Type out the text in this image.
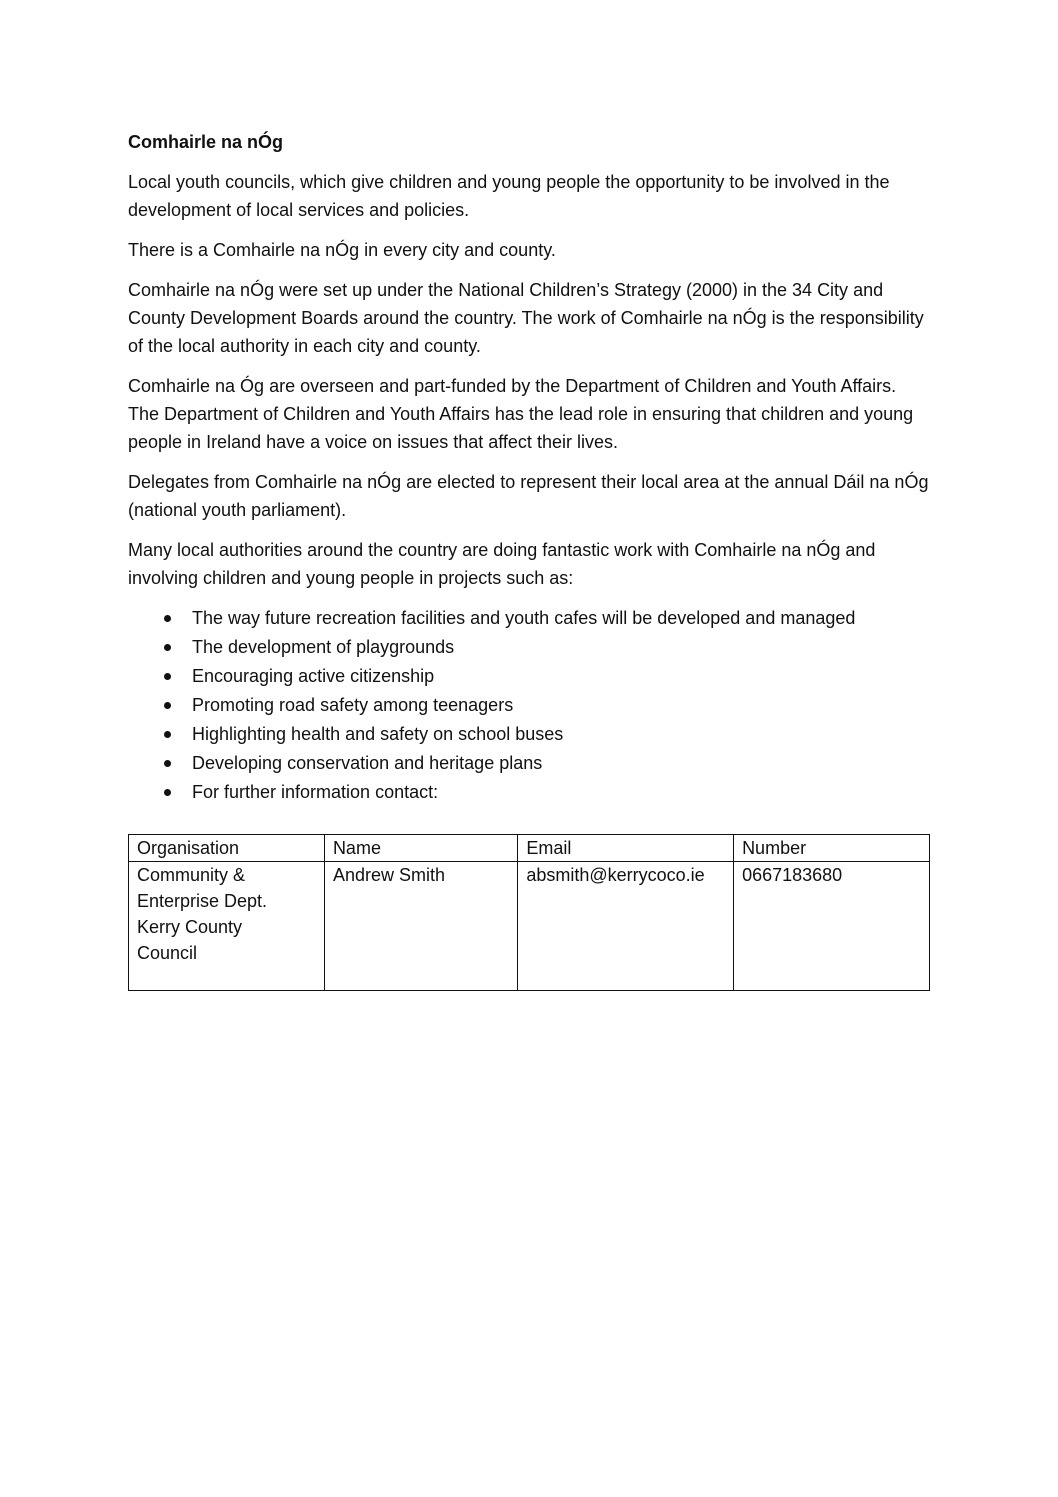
Comhairle na nÓg

Local youth councils, which give children and young people the opportunity to be involved in the development of local services and policies.

There is a Comhairle na nÓg in every city and county.

Comhairle na nÓg were set up under the National Children’s Strategy (2000) in the 34 City and County Development Boards around the country. The work of Comhairle na nÓg is the responsibility of the local authority in each city and county.

Comhairle na Óg are overseen and part-funded by the Department of Children and Youth Affairs. The Department of Children and Youth Affairs has the lead role in ensuring that children and young people in Ireland have a voice on issues that affect their lives.

Delegates from Comhairle na nÓg are elected to represent their local area at the annual Dáil na nÓg (national youth parliament).

Many local authorities around the country are doing fantastic work with Comhairle na nÓg and involving children and young people in projects such as:

The way future recreation facilities and youth cafes will be developed and managed
The development of playgrounds
Encouraging active citizenship
Promoting road safety among teenagers
Highlighting health and safety on school buses
Developing conservation and heritage plans
For further information contact:
Organisation	Name	Email	Number

Community &
Enterprise Dept.
Kerry County
Council	Andrew Smith	absmith@kerrycoco.ie	0667183680
